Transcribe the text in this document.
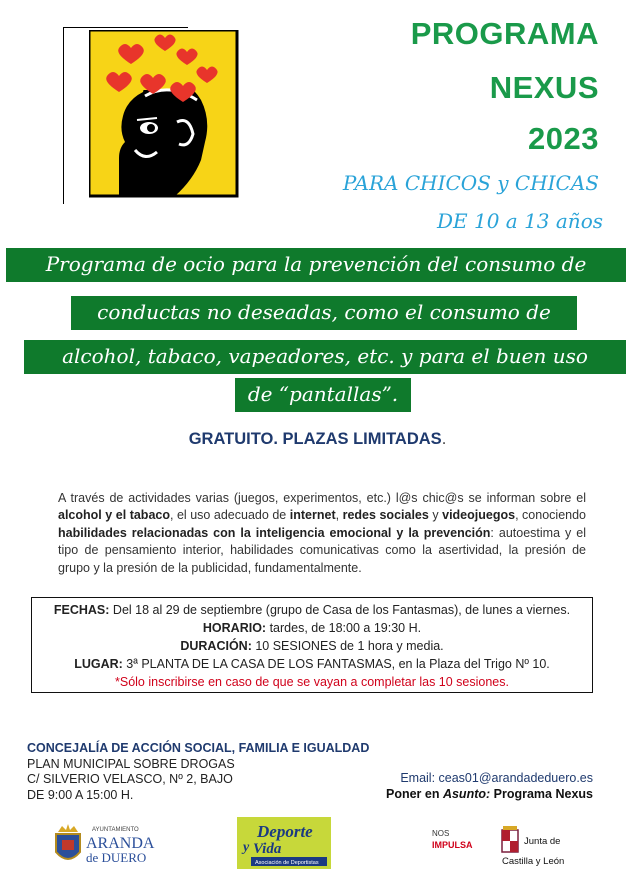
PROGRAMA
NEXUS
2023
PARA CHICOS y CHICAS
DE 10 a 13 años
Programa de ocio para la prevención del consumo de
conductas no deseadas, como el consumo de
alcohol, tabaco, vapeadores, etc. y para el buen uso
de “pantallas”.
GRATUITO. PLAZAS LIMITADAS.
A través de actividades varias (juegos, experimentos, etc.) l@s chic@s se informan sobre el alcohol y el tabaco, el uso adecuado de internet, redes sociales y videojuegos, conociendo habilidades relacionadas con la inteligencia emocional y la prevención: autoestima y el tipo de pensamiento interior, habilidades comunicativas como la asertividad, la presión de grupo y la presión de la publicidad, fundamentalmente.
FECHAS: Del 18 al 29 de septiembre (grupo de Casa de los Fantasmas), de lunes a viernes.
HORARIO: tardes, de 18:00 a 19:30 H.
DURACIÓN: 10 SESIONES de 1 hora y media.
LUGAR: 3ª PLANTA DE LA CASA DE LOS FANTASMAS, en la Plaza del Trigo Nº 10.
*Sólo inscribirse en caso de que se vayan a completar las 10 sesiones.
CONCEJALÍA DE ACCIÓN SOCIAL, FAMILIA E IGUALDAD
PLAN MUNICIPAL SOBRE DROGAS
C/ SILVERIO VELASCO, Nº 2, BAJO
DE 9:00 A 15:00 H.
Email: ceas01@arandadeduero.es
Poner en Asunto: Programa Nexus
AYUNTAMIENTO
ARANDA
de DUERO
Deporte
y Vida
Asociación de Deportistas
NOS
IMPULSA	Junta de
Castilla y León
